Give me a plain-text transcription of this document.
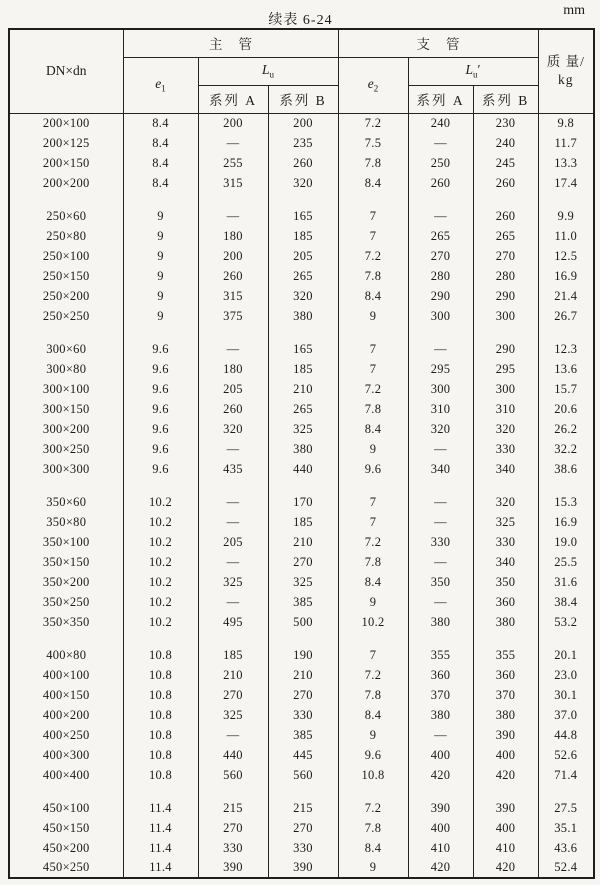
续表 6-24
mm
DN×dn	主管			支管			质 量/
kg
	$e_1$	$L_u$		$e_2$	$L_u'$		
		系列 A	系列 B		系列 A	系列 B	
200×100	8.4	200	200	7.2	240	230	9.8
200×125	8.4	—	235	7.5	—	240	11.7
200×150	8.4	255	260	7.8	250	245	13.3
200×200	8.4	315	320	8.4	260	260	17.4

250×60	9	—	165	7	—	260	9.9
250×80	9	180	185	7	265	265	11.0
250×100	9	200	205	7.2	270	270	12.5
250×150	9	260	265	7.8	280	280	16.9
250×200	9	315	320	8.4	290	290	21.4
250×250	9	375	380	9	300	300	26.7

300×60	9.6	—	165	7	—	290	12.3
300×80	9.6	180	185	7	295	295	13.6
300×100	9.6	205	210	7.2	300	300	15.7
300×150	9.6	260	265	7.8	310	310	20.6
300×200	9.6	320	325	8.4	320	320	26.2
300×250	9.6	—	380	9	—	330	32.2
300×300	9.6	435	440	9.6	340	340	38.6

350×60	10.2	—	170	7	—	320	15.3
350×80	10.2	—	185	7	—	325	16.9
350×100	10.2	205	210	7.2	330	330	19.0
350×150	10.2	—	270	7.8	—	340	25.5
350×200	10.2	325	325	8.4	350	350	31.6
350×250	10.2	—	385	9	—	360	38.4
350×350	10.2	495	500	10.2	380	380	53.2

400×80	10.8	185	190	7	355	355	20.1
400×100	10.8	210	210	7.2	360	360	23.0
400×150	10.8	270	270	7.8	370	370	30.1
400×200	10.8	325	330	8.4	380	380	37.0
400×250	10.8	—	385	9	—	390	44.8
400×300	10.8	440	445	9.6	400	400	52.6
400×400	10.8	560	560	10.8	420	420	71.4

450×100	11.4	215	215	7.2	390	390	27.5
450×150	11.4	270	270	7.8	400	400	35.1
450×200	11.4	330	330	8.4	410	410	43.6
450×250	11.4	390	390	9	420	420	52.4
